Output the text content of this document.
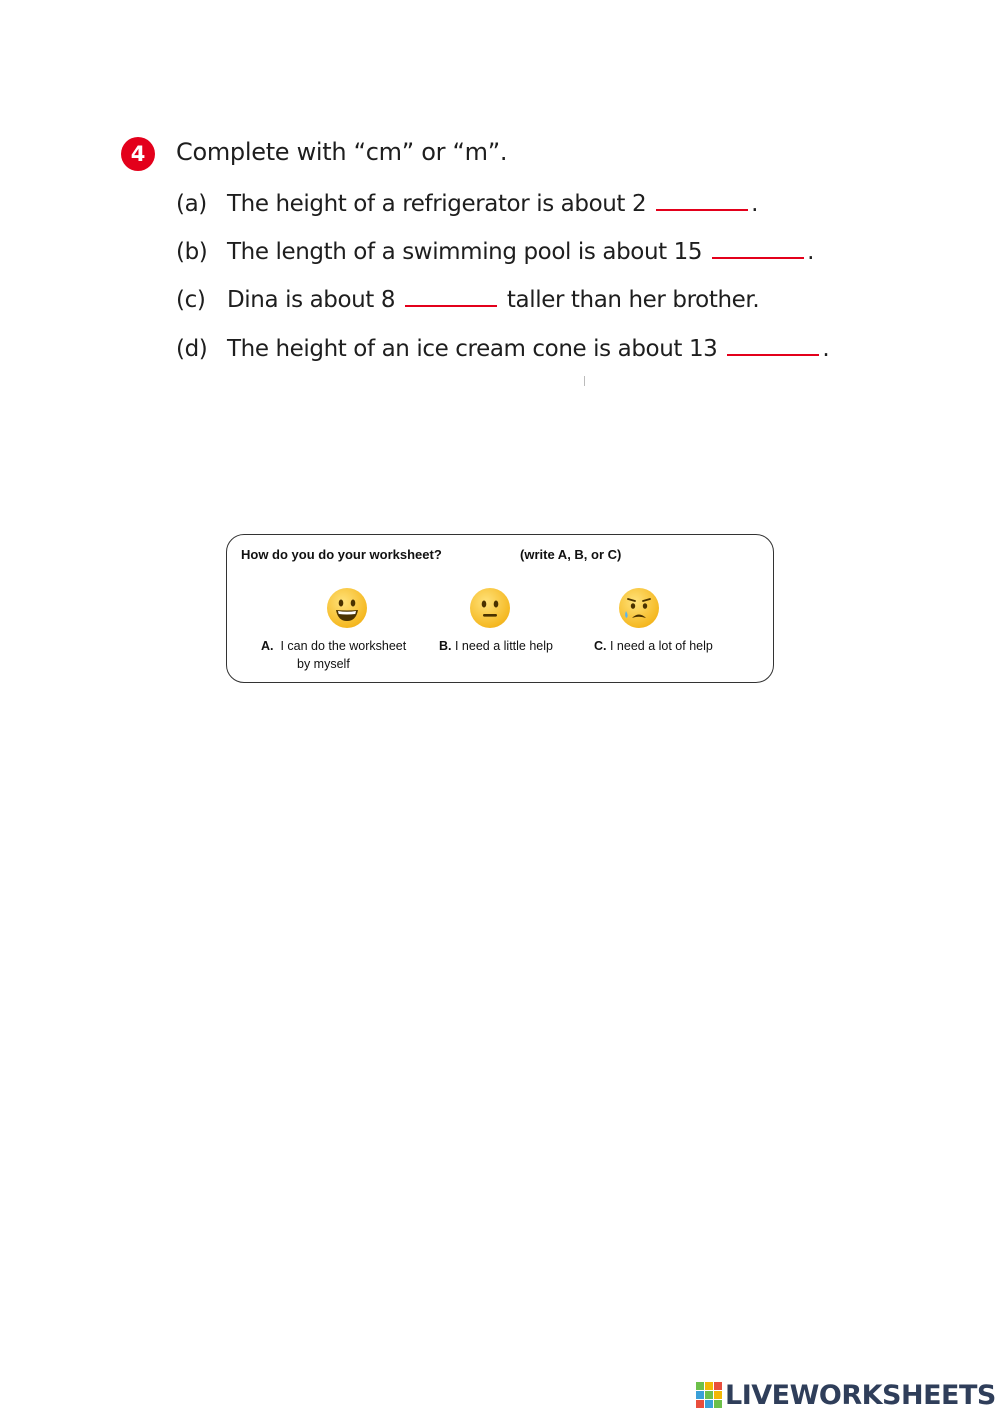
4	Complete with “cm” or “m”.
(a) The height of a refrigerator is about 2	.
(b) The length of a swimming pool is about 15	.
(c) Dina is about 8	taller than her brother.
(d) The height of an ice cream cone is about 13	.
How do you do your worksheet?	(write A, B, or C)
A. I can do the worksheet
by myself
B. I need a little help	C. I need a lot of help
LIVEWORKSHEETS
